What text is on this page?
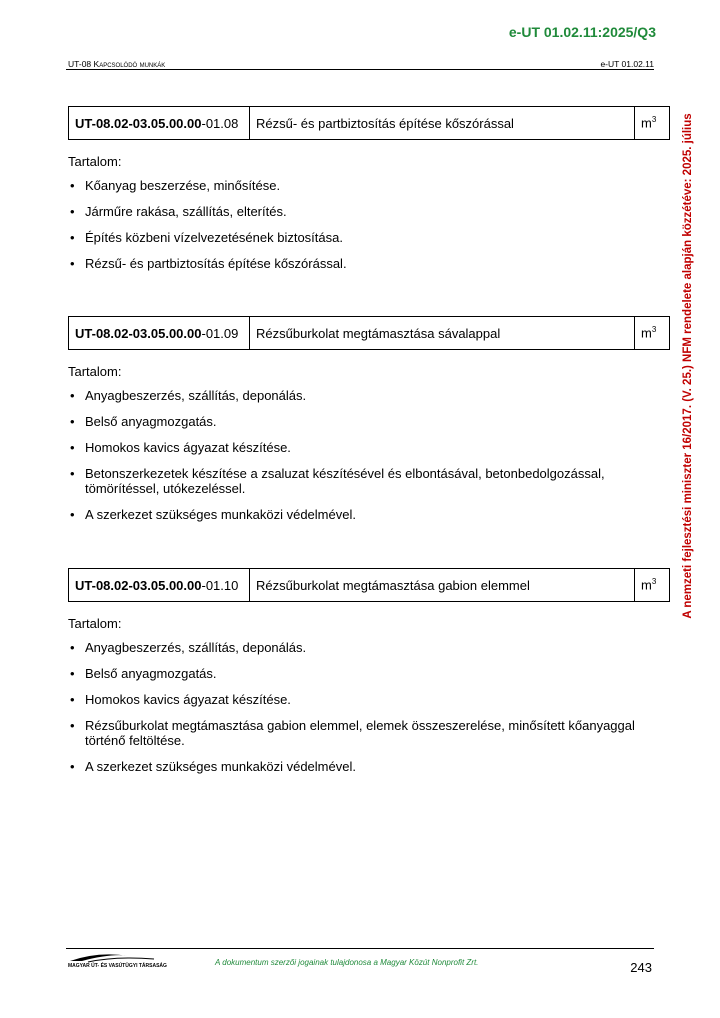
e-UT 01.02.11:2025/Q3
UT-08 Kapcsolódó munkák	e-UT 01.02.11
A nemzeti fejlesztési miniszter 16/2017. (V. 25.) NFM rendelete alapján közzétéve: 2025. július
UT-08.02-03.05.00.00-01.08	Rézsű- és partbiztosítás építése kőszórással	$m^3$
Tartalom:
• Kőanyag beszerzése, minősítése.
• Járműre rakása, szállítás, elterítés.
• Építés közbeni vízelvezetésének biztosítása.
• Rézsű- és partbiztosítás építése kőszórással.
UT-08.02-03.05.00.00-01.09	Rézsűburkolat megtámasztása sávalappal	$m^3$
Tartalom:
• Anyagbeszerzés, szállítás, deponálás.
• Belső anyagmozgatás.
• Homokos kavics ágyazat készítése.
• Betonszerkezetek készítése a zsaluzat készítésével és elbontásával, betonbedolgozással, tömörítéssel, utókezeléssel.
• A szerkezet szükséges munkaközi védelmével.
UT-08.02-03.05.00.00-01.10	Rézsűburkolat megtámasztása gabion elemmel	$m^3$
Tartalom:
• Anyagbeszerzés, szállítás, deponálás.
• Belső anyagmozgatás.
• Homokos kavics ágyazat készítése.
• Rézsűburkolat megtámasztása gabion elemmel, elemek összeszerelése, minősített kőanyaggal történő feltöltése.
• A szerkezet szükséges munkaközi védelmével.
MAGYAR ÚT- ÉS VASÚTÜGYI TÁRSASÁG	A dokumentum szerzői jogainak tulajdonosa a Magyar Közút Nonprofit Zrt.	243
